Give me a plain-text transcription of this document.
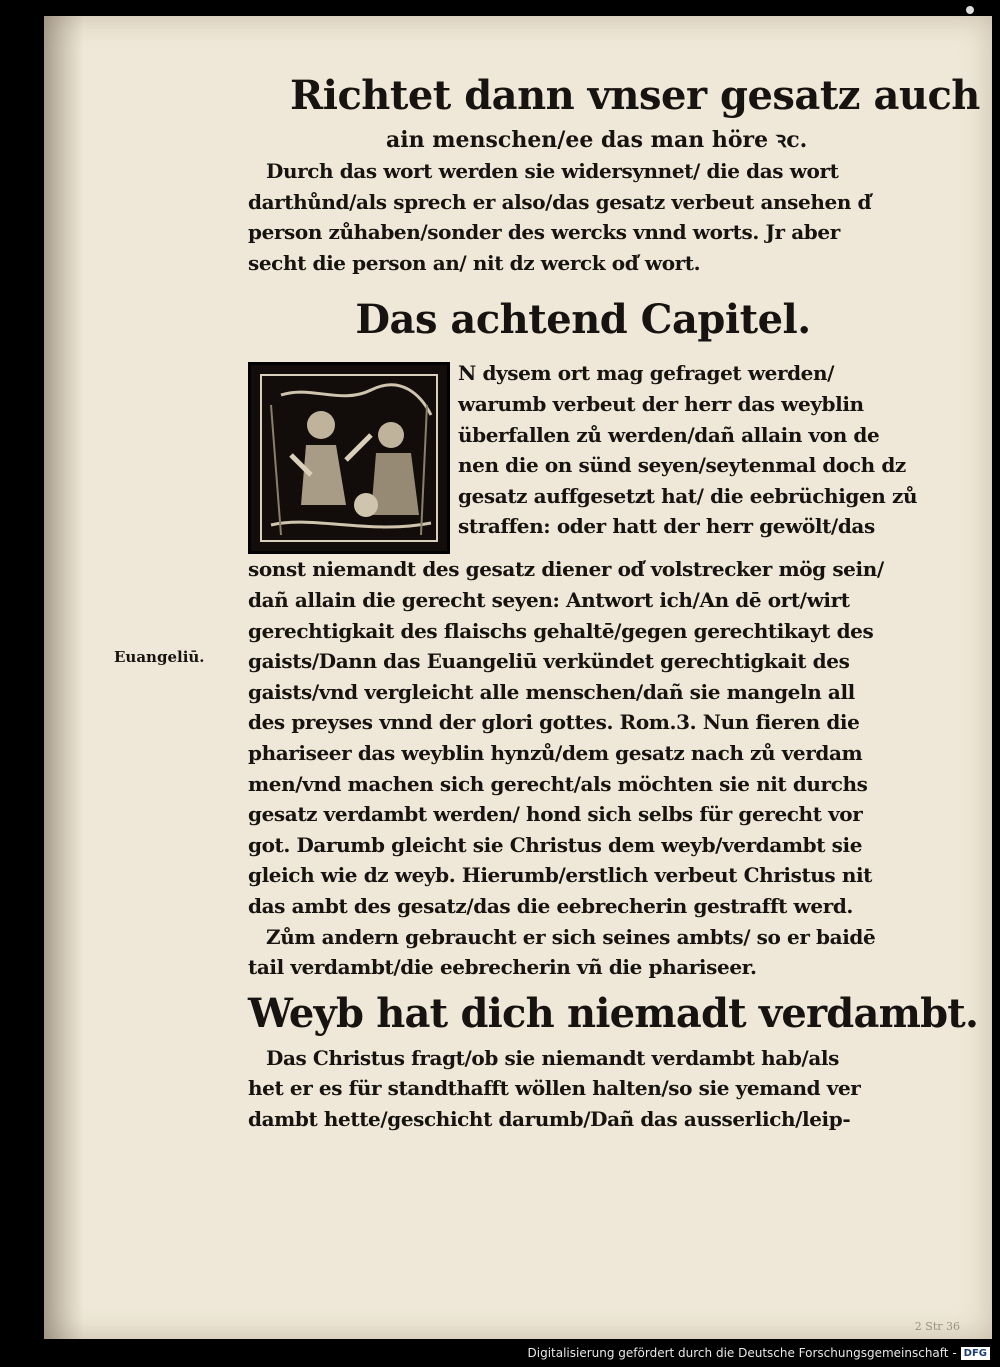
Richtet dann vnser gesatz auch
ain menschen/ee das man höre ꝛc.
Durch das wort werden sie widersynnet/ die das wort
darthůnd/als sprech er also/das gesatz verbeut ansehen d̕
person zůhaben/sonder des wercks vnnd worts. Jr aber
secht die person an/ nit dz werck od̕ wort.
Das achtend Capitel.
N dysem ort mag gefraget werden/
warumb verbeut der herr das weyblin
überfallen zů werden/dañ allain von de
nen die on sünd seyen/seytenmal doch dz
gesatz auffgesetzt hat/ die eebrüchigen zů
straffen: oder hatt der herr gewölt/das
sonst niemandt des gesatz diener od̕ volstrecker mög sein/
dañ allain die gerecht seyen: Antwort ich/An dē ort/wirt
gerechtigkait des flaischs gehaltē/gegen gerechtikayt des
gaists/Dann das Euangeliū verkündet gerechtigkait des
gaists/vnd vergleicht alle menschen/dañ sie mangeln all
des preyses vnnd der glori gottes. Rom.3. Nun fieren die
phariseer das weyblin hynzů/dem gesatz nach zů verdam
men/vnd machen sich gerecht/als möchten sie nit durchs
gesatz verdambt werden/ hond sich selbs für gerecht vor
got. Darumb gleicht sie Christus dem weyb/verdambt sie
gleich wie dz weyb. Hierumb/erstlich verbeut Christus nit
das ambt des gesatz/das die eebrecherin gestrafft werd.
Zům andern gebraucht er sich seines ambts/ so er baidē
tail verdambt/die eebrecherin vñ die phariseer.
Weyb hat dich niemadt verdambt.
Das Christus fragt/ob sie niemandt verdambt hab/als
het er es für standthafft wöllen halten/so sie yemand ver
dambt hette/geschicht darumb/Dañ das ausserlich/leip-
Euangeliū.
2 Str 36
Digitalisierung gefördert durch die Deutsche Forschungsgemeinschaft - DFG
